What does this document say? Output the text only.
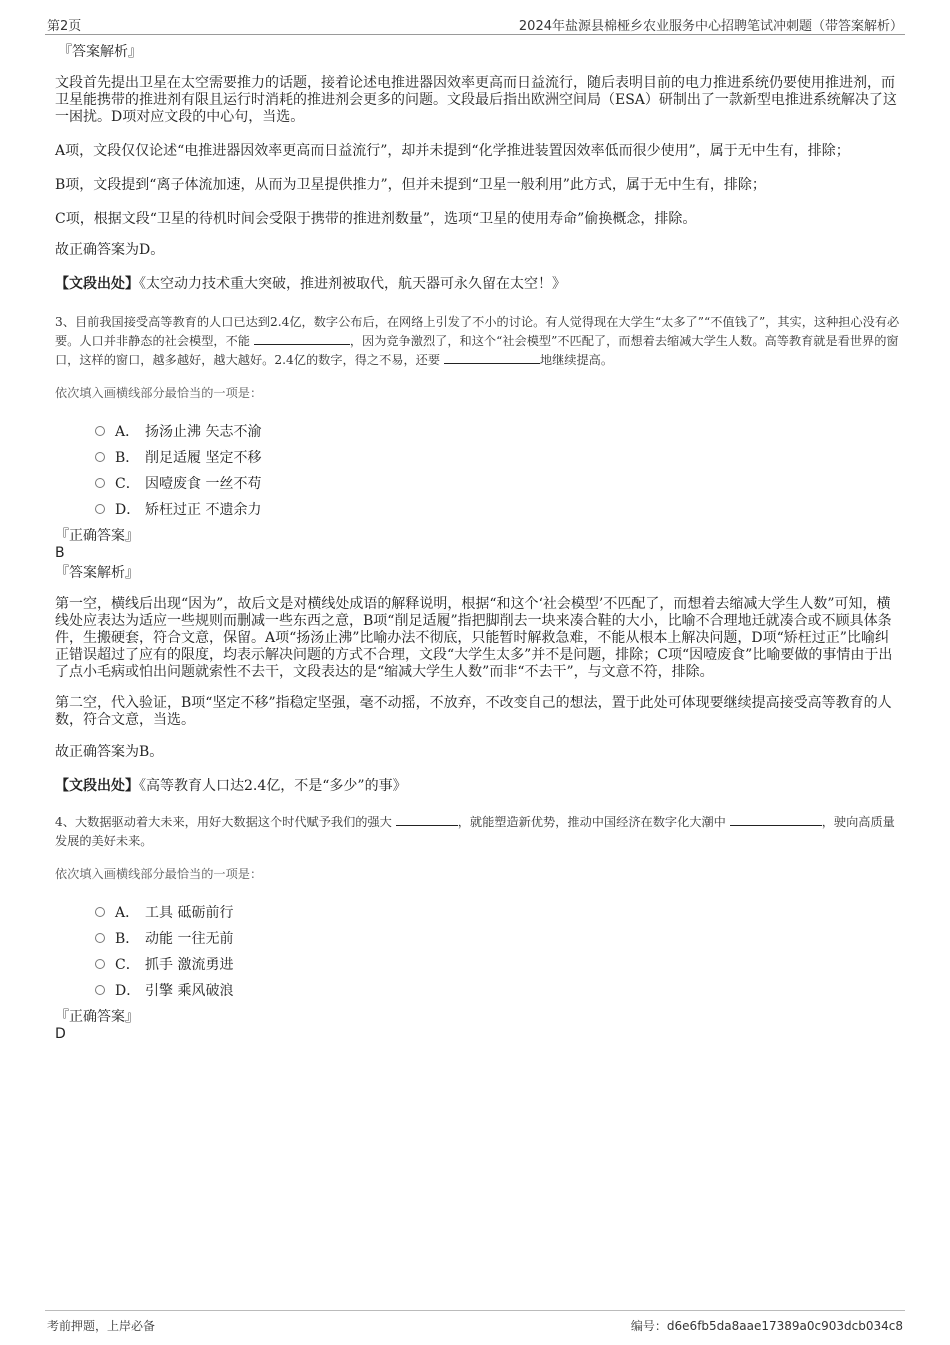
第2页	2024年盐源县棉桠乡农业服务中心招聘笔试冲刺题（带答案解析）

『答案解析』

文段首先提出卫星在太空需要推力的话题，接着论述电推进器因效率更高而日益流行，随后表明目前的电力推进系统仍要使用推进剂，而卫星能携带的推进剂有限且运行时消耗的推进剂会更多的问题。文段最后指出欧洲空间局（ESA）研制出了一款新型电推进系统解决了这一困扰。D项对应文段的中心句，当选。

A项，文段仅仅论述“电推进器因效率更高而日益流行”，却并未提到“化学推进装置因效率低而很少使用”，属于无中生有，排除；

B项，文段提到“离子体流加速，从而为卫星提供推力”，但并未提到“卫星一般利用”此方式，属于无中生有，排除；

C项，根据文段“卫星的待机时间会受限于携带的推进剂数量”，选项“卫星的使用寿命”偷换概念，排除。

故正确答案为D。

【文段出处】《太空动力技术重大突破，推进剂被取代，航天器可永久留在太空！》

3、目前我国接受高等教育的人口已达到2.4亿，数字公布后，在网络上引发了不小的讨论。有人觉得现在大学生“太多了”“不值钱了”，其实，这种担心没有必要。人口并非静态的社会模型，不能	，因为竞争激烈了，和这个“社会模型”不匹配了，而想着去缩减大学生人数。高等教育就是看世界的窗口，这样的窗口，越多越好，越大越好。2.4亿的数字，得之不易，还要	地继续提高。

依次填入画横线部分最恰当的一项是：

A． 扬汤止沸 矢志不渝
B． 削足适履 坚定不移
C． 因噎废食 一丝不苟
D． 矫枉过正 不遗余力

『正确答案』

B

『答案解析』

第一空，横线后出现“因为”，故后文是对横线处成语的解释说明，根据“和这个‘社会模型’不匹配了，而想着去缩减大学生人数”可知，横线处应表达为适应一些规则而删减一些东西之意，B项“削足适履”指把脚削去一块来凑合鞋的大小，比喻不合理地迁就凑合或不顾具体条件，生搬硬套，符合文意，保留。A项“扬汤止沸”比喻办法不彻底，只能暂时解救急难，不能从根本上解决问题，D项“矫枉过正”比喻纠正错误超过了应有的限度，均表示解决问题的方式不合理，文段“大学生太多”并不是问题，排除；C项“因噎废食”比喻要做的事情由于出了点小毛病或怕出问题就索性不去干，文段表达的是“缩减大学生人数”而非“不去干”，与文意不符，排除。

第二空，代入验证，B项“坚定不移”指稳定坚强，毫不动摇，不放弃，不改变自己的想法，置于此处可体现要继续提高接受高等教育的人数，符合文意，当选。

故正确答案为B。

【文段出处】《高等教育人口达2.4亿，不是“多少”的事》

4、大数据驱动着大未来，用好大数据这个时代赋予我们的强大	，就能塑造新优势，推动中国经济在数字化大潮中	，驶向高质量发展的美好未来。

依次填入画横线部分最恰当的一项是：

A． 工具 砥砺前行
B． 动能 一往无前
C． 抓手 激流勇进
D． 引擎 乘风破浪

『正确答案』

D

考前押题，上岸必备	编号：d6e6fb5da8aae17389a0c903dcb034c8
